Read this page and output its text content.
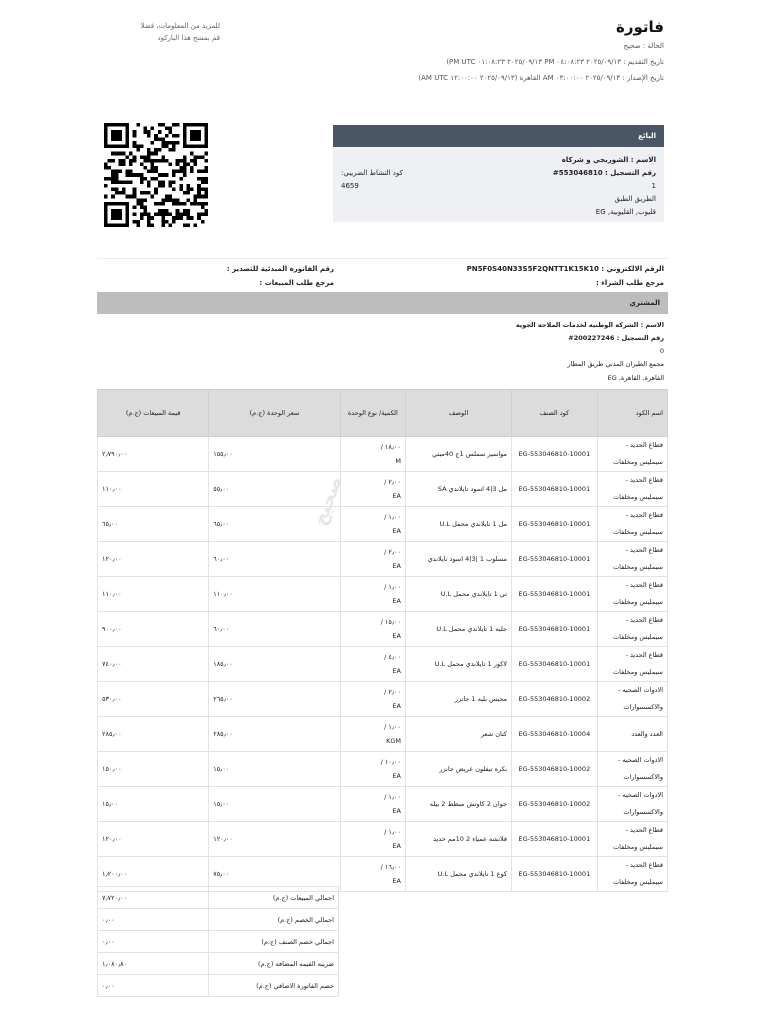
فاتورة
الحالة : صحيح
تاريخ التقديم : ٢٠٢٥/٠٩/١٣ ٠٤:٠٨:٢٣ PM ٢٠٢٥/٠٩/١٣ ٠١:٠٨:٢٣ PM UTC)
تاريخ الإصدار : ٢٠٢٥/٠٩/١٣ ٠٣:٠٠:٠٠ AM القاهرة (٢٠٢٥/٠٩/١٣ ١٢:٠٠:٠٠ AM UTC)
للمزيد من المعلومات، فضلا
قم بمسح هذا الباركود
البائع
الاسم : الشوربجي و شركاه
رقم التسجيل : 553046810#
1
الطريق الطبق
قليوب, القليوبية, EG
كود النشاط الضريبي:
4659
الرقم الالكتروني : PN5F0S40N33S5F2QNTT1K15K10
مرجع طلب الشراء :
رقم الفاتورة المبدئية للتصدير :
مرجع طلب المبيعات :
المشتري
الاسم : الشركه الوطنيه لخدمات الملاحه الجويه
رقم التسجيل : 200227246#
0
مجمع الطيران المدني طريق المطار
القاهرة, القاهرة, EG
اسم الكود	كود الصنف	الوصف	الكمية/ نوع الوحدة	سعر الوحدة (ج.م)	قيمة المبيعات (ج.م)
قطاع الحديد - سيمليس ومخلفات	EG-553046810-10001	مواسير سملس 1ج 40مبتي	١٨٫٠٠ /
M	١٥٥٫٠٠	٢٫٧٩٠٫٠٠
قطاع الحديد - سيمليس ومخلفات	EG-553046810-10001	مل 3|4 اسود تايلاندي SA	٢٫٠٠ /
EA	٥٥٫٠٠	١١٠٫٠٠
قطاع الحديد - سيمليس ومخلفات	EG-553046810-10001	مل 1 تايلاندي محمل U.L	١٫٠٠ /
EA	٦٥٫٠٠	٦٥٫٠٠
قطاع الحديد - سيمليس ومخلفات	EG-553046810-10001	مسلوب 1 |3|4 اسود تايلاندي	٢٫٠٠ /
EA	٦٠٫٠٠	١٢٠٫٠٠
قطاع الحديد - سيمليس ومخلفات	EG-553046810-10001	تي 1 تايلاندي محمل U.L	١٫٠٠ /
EA	١١٠٫٠٠	١١٠٫٠٠
قطاع الحديد - سيمليس ومخلفات	EG-553046810-10001	جلبه 1 تايلاندي محمل U.L	١٥٫٠٠ /
EA	٦٠٫٠٠	٩٠٠٫٠٠
قطاع الحديد - سيمليس ومخلفات	EG-553046810-10001	لاكور 1 تايلاندي محمل U.L	٤٫٠٠ /
EA	١٨٥٫٠٠	٧٤٠٫٠٠
الادوات الصحيه - والاكسسوارات	EG-553046810-10002	محبس بلبه 1 جانزر	٢٫٠٠ /
EA	٢٦٥٫٠٠	٥٣٠٫٠٠
العدد والعدد	EG-553046810-10004	كتان شعر	١٫٠٠ /
KGM	٢٨٥٫٠٠	٢٨٥٫٠٠
الادوات الصحيه - والاكسسوارات	EG-553046810-10002	بكره تيفلون عريض جانزر	١٠٫٠٠ /
EA	١٥٫٠٠	١٥٠٫٠٠
الادوات الصحيه - والاكسسوارات	EG-553046810-10002	جوان 2 كاوتش مبطط 2 بيله	١٫٠٠ /
EA	١٥٫٠٠	١٥٫٠٠
قطاع الحديد - سيمليس ومخلفات	EG-553046810-10001	فلانشه عمياء 2 10مم حديد	١٫٠٠ /
EA	١٢٠٫٠٠	١٢٠٫٠٠
قطاع الحديد - سيمليس ومخلفات	EG-553046810-10001	كوع 1 تايلاندي محمل U.L	١٦٫٠٠ /
EA	٧٥٫٠٠	١٫٢٠٠٫٠٠
صحيح
اجمالي المبيعات (ج.م)	٧٫٧٢٠٫٠٠
اجمالي الخصم (ج.م)	٠٫٠٠
اجمالي خصم الصنف (ج.م)	٠٫٠٠
ضريبه القيمه المضافه (ج.م)	١٫٠٨٠٫٨٠
خصم الفاتورة الاضافي (ج.م)	٠٫٠٠
